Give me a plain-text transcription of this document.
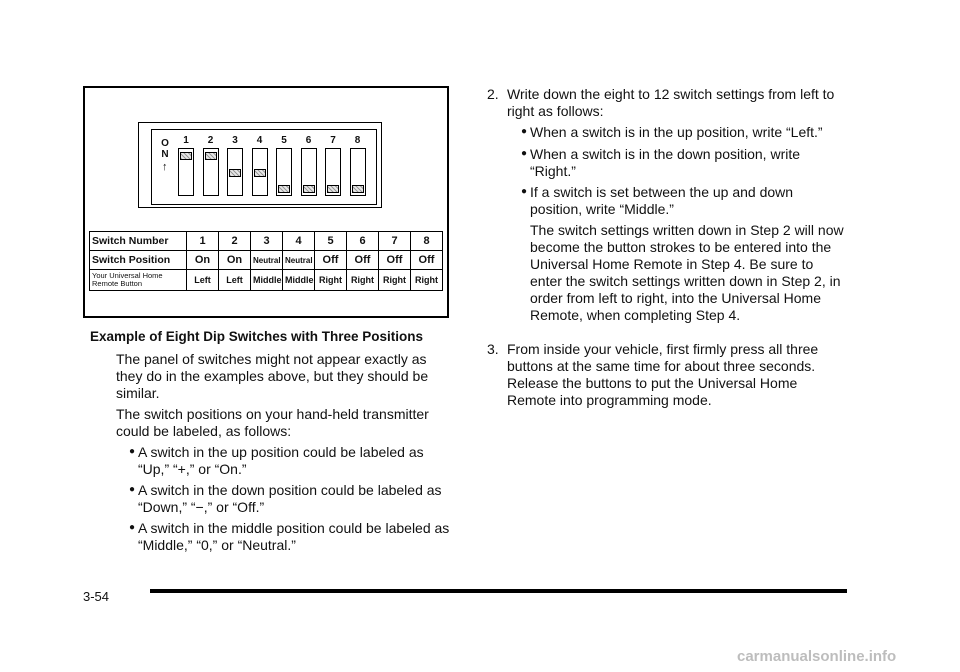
O
N
↑
1	2	3	4	5	6	7	8
Switch Number	1	2	3	4	5	6	7	8
Switch Position	On	On	Neutral	Neutral	Off	Off	Off	Off
Your Universal Home
Remote Button	Left	Left	Middle	Middle	Right	Right	Right	Right
Example of Eight Dip Switches with Three Positions

The panel of switches might not appear exactly as they do in the examples above, but they should be similar.

The switch positions on your hand-held transmitter could be labeled, as follows:

● A switch in the up position could be labeled as “Up,” “+,” or “On.”
● A switch in the down position could be labeled as “Down,” “−,” or “Off.”
● A switch in the middle position could be labeled as “Middle,” “0,” or “Neutral.”
2. Write down the eight to 12 switch settings from left to right as follows:
● When a switch is in the up position, write “Left.”
● When a switch is in the down position, write “Right.”
● If a switch is set between the up and down position, write “Middle.”

The switch settings written down in Step 2 will now become the button strokes to be entered into the Universal Home Remote in Step 4. Be sure to enter the switch settings written down in Step 2, in order from left to right, into the Universal Home Remote, when completing Step 4.

3. From inside your vehicle, first firmly press all three buttons at the same time for about three seconds. Release the buttons to put the Universal Home Remote into programming mode.
3-54
carmanualsonline.info
